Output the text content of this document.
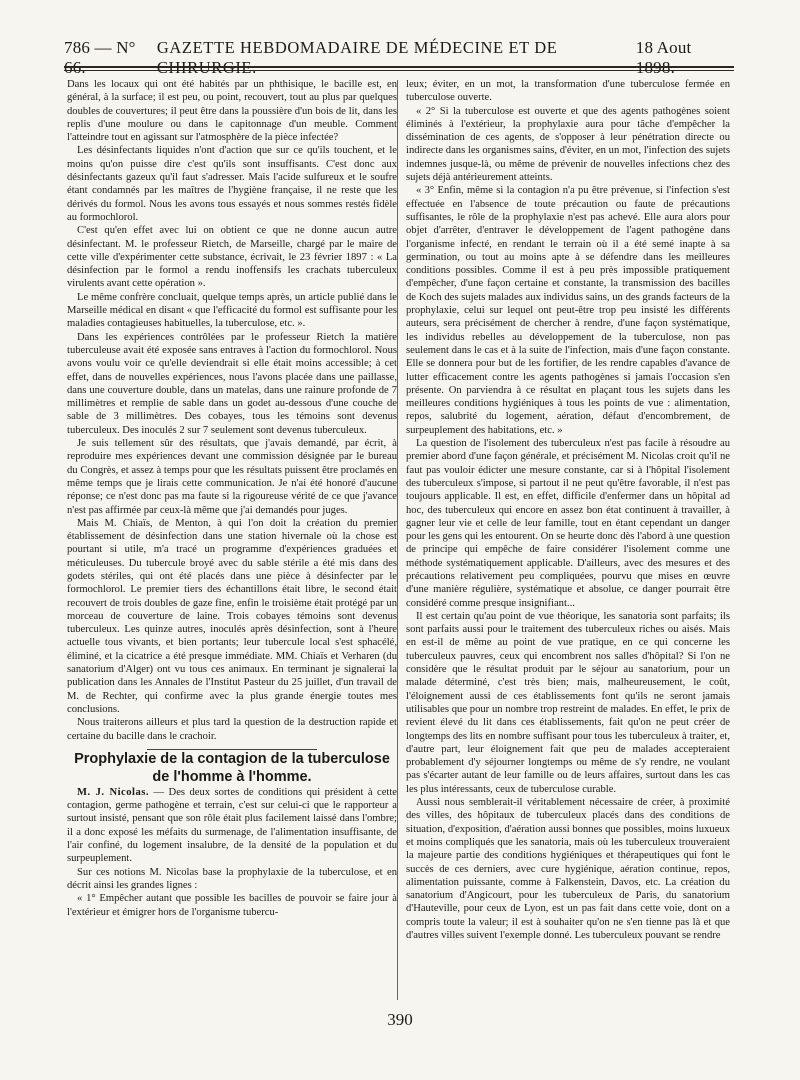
786 — N°	GAZETTE HEBDOMADAIRE DE MÉDECINE ET DE	18 Aout

Dans les locaux qui ont été habités par un phthisique, le bacille est, en général, à la surface; il est peu, ou point, recouvert, tout au plus par quelques doubles de couvertures; il peut être dans la poussière d'un bois de lit, dans les replis d'une moulure ou dans le capitonnage d'un meuble. Comment l'atteindre tout en agissant sur l'atmosphère de la pièce infectée?

Les désinfectants liquides n'ont d'action que sur ce qu'ils touchent, et le moins qu'on puisse dire c'est qu'ils sont insuffisants. C'est donc aux désinfectants gazeux qu'il faut s'adresser. Mais l'acide sulfureux et le soufre étant condamnés par les maîtres de l'hygiène française, il ne reste que les dérivés du formol. Nous les avons tous essayés et nous sommes restés fidèle au formochlorol.

C'est qu'en effet avec lui on obtient ce que ne donne aucun autre désinfectant. M. le professeur Rietch, de Marseille, chargé par le maire de cette ville d'expérimenter cette substance, écrivait, le 23 février 1897 : « La désinfection par le formol a rendu inoffensifs les crachats tuberculeux virulents avant cette opération ».

Le même confrère concluait, quelque temps après, un article publié dans le Marseille médical en disant « que l'efficacité du formol est suffisante pour les maladies contagieuses habituelles, la tuberculose, etc. ».

Dans les expériences contrôlées par le professeur Rietch la matière tuberculeuse avait été exposée sans entraves à l'action du formochlorol. Nous avons voulu voir ce qu'elle deviendrait si elle était moins accessible; à cet effet, dans de nouvelles expériences, nous l'avons placée dans une paillasse, dans une couverture double, dans un matelas, dans une rainure profonde de 7 millimètres et remplie de sable dans un godet au-dessous d'une couche de sable de 3 millimètres. Des cobayes, tous les témoins sont devenus tuberculeux. Des inoculés 2 sur 7 seulement sont devenus tuberculeux.

Je suis tellement sûr des résultats, que j'avais demandé, par écrit, à reproduire mes expériences devant une commission désignée par le bureau du Congrès, et assez à temps pour que les résultats puissent être proclamés en même temps que je lirais cette communication. Je n'ai été honoré d'aucune réponse; ce n'est donc pas ma faute si la rigoureuse vérité de ce que j'avance n'est pas affirmée par ceux-là même que j'ai demandés pour juges.

Mais M. Chiaïs, de Menton, à qui l'on doit la création du premier établissement de désinfection dans une station hivernale où la chose est pourtant si utile, m'a tracé un programme d'expériences graduées et méticuleuses. Du tubercule broyé avec du sable stérile a été mis dans des godets stériles, qui ont été placés dans une pièce à désinfecter par le formochlorol. Le premier tiers des échantillons était libre, le second était recouvert de trois doubles de gaze fine, enfin le troisième était protégé par un morceau de couverture de laine. Trois cobayes témoins sont devenus tuberculeux. Les quinze autres, inoculés après désinfection, sont à l'heure actuelle tous vivants, et bien portants; leur tubercule local s'est sphacélé, éliminé, et la cicatrice a été presque immédiate. MM. Chiaïs et Verharen (du sanatorium d'Alger) ont vu tous ces animaux. En terminant je signalerai la publication dans les Annales de l'Institut Pasteur du 25 juillet, d'un travail de M. de Rechter, qui confirme avec la plus grande énergie toutes mes conclusions.

Nous traiterons ailleurs et plus tard la question de la destruction rapide et certaine du bacille dans le crachoir.

Prophylaxie de la contagion de la tuberculose de l'homme à l'homme.

M. J. Nicolas. — Des deux sortes de conditions qui président à cette contagion, germe pathogène et terrain, c'est sur celui-ci que le rapporteur a surtout insisté, pensant que son rôle était plus facilement laissé dans l'ombre; il a donc exposé les méfaits du surmenage, de l'alimentation insuffisante, de l'air confiné, du logement insalubre, de la densité de la population et du surpeuplement.

Sur ces notions M. Nicolas base la prophylaxie de la tuberculose, et en décrit ainsi les grandes lignes :

« 1° Empêcher autant que possible les bacilles de pouvoir se faire jour à l'extérieur et émigrer hors de l'organisme tubercu-

leux; éviter, en un mot, la transformation d'une tuberculose fermée en tuberculose ouverte.

« 2° Si la tuberculose est ouverte et que des agents pathogènes soient éliminés à l'extérieur, la prophylaxie aura pour tâche d'empêcher la dissémination de ces agents, de s'opposer à leur pénétration directe ou indirecte dans les organismes sains, d'éviter, en un mot, l'infection des sujets indemnes jusque-là, ou même de prévenir de nouvelles infections chez des sujets déjà antérieurement atteints.

« 3° Enfin, même si la contagion n'a pu être prévenue, si l'infection s'est effectuée en l'absence de toute précaution ou faute de précautions suffisantes, le rôle de la prophylaxie n'est pas achevé. Elle aura alors pour objet d'arrêter, d'entraver le développement de l'agent pathogène dans l'organisme infecté, en rendant le terrain où il a été semé inapte à sa germination, ou tout au moins apte à se défendre dans les meilleures conditions possibles. Comme il est à peu près impossible pratiquement d'empêcher, d'une façon certaine et constante, la transmission des bacilles de Koch des sujets malades aux individus sains, un des grands facteurs de la prophylaxie, celui sur lequel ont peut-être trop peu insisté les différents auteurs, sera précisément de chercher à rendre, d'une façon systématique, les individus rebelles au développement de la tuberculose, non pas seulement dans le cas et à la suite de l'infection, mais d'une façon constante. Elle se donnera pour but de les fortifier, de les rendre capables d'avance de lutter efficacement contre les agents pathogènes si jamais l'occasion s'en présente. On parviendra à ce résultat en plaçant tous les sujets dans les meilleures conditions hygiéniques à tous les points de vue : alimentation, repos, salubrité du logement, aération, défaut d'encombrement, de surpeuplement des habitations, etc. »

La question de l'isolement des tuberculeux n'est pas facile à résoudre au premier abord d'une façon générale, et précisément M. Nicolas croit qu'il ne faut pas vouloir édicter une mesure constante, car si à l'hôpital l'isolement des tuberculeux s'impose, si partout il ne peut qu'être favorable, il n'est pas toujours applicable. Il est, en effet, difficile d'enfermer dans un hôpital ad hoc, des tuberculeux qui encore en assez bon état continuent à travailler, à gagner leur vie et celle de leur famille, tout en étant cependant un danger pour les gens qui les entourent. On se heurte donc dès l'abord à une question de principe qui empêche de faire considérer l'isolement comme une méthode systématiquement applicable. D'ailleurs, avec des mesures et des précautions relativement peu compliquées, pourvu que mises en œuvre d'une manière régulière, systématique et absolue, ce danger pourrait être considéré comme presque insignifiant...

Il est certain qu'au point de vue théorique, les sanatoria sont parfaits; ils sont parfaits aussi pour le traitement des tuberculeux riches ou aisés. Mais en est-il de même au point de vue pratique, en ce qui concerne les tuberculeux pauvres, ceux qui encombrent nos salles d'hôpital? Si l'on ne considère que le résultat produit par le séjour au sanatorium, pour un malade déterminé, c'est très bien; mais, malheureusement, le coût, l'éloignement aussi de ces établissements font qu'ils ne seront jamais utilisables que pour un nombre trop restreint de malades. En effet, le prix de revient élevé du lit dans ces établissements, fait qu'on ne peut créer de longtemps des lits en nombre suffisant pour tous les tuberculeux à traiter, et, d'autre part, leur éloignement fait que peu de malades accepteraient probablement d'y séjourner longtemps ou même de s'y rendre, ne voulant pas s'écarter autant de leur famille ou de leurs affaires, surtout dans les cas les plus intéressants, ceux de tuberculose curable.

Aussi nous semblerait-il véritablement nécessaire de créer, à proximité des villes, des hôpitaux de tuberculeux placés dans des conditions de situation, d'exposition, d'aération aussi bonnes que possibles, moins luxueux et moins compliqués que les sanatoria, mais où les tuberculeux trouveraient la majeure partie des conditions hygiéniques et thérapeutiques qui font le succès de ces derniers, avec cure hygiénique, aération continue, repos, alimentation puissante, comme à Falkenstein, Davos, etc. La création du sanatorium d'Angicourt, pour les tuberculeux de Paris, du sanatorium d'Hauteville, pour ceux de Lyon, est un pas fait dans cette voie, dont on a compris toute la valeur; il est à souhaiter qu'on ne s'en tienne pas là et que d'autres villes suivent l'exemple donné. Les tuberculeux pouvant se rendre

390
